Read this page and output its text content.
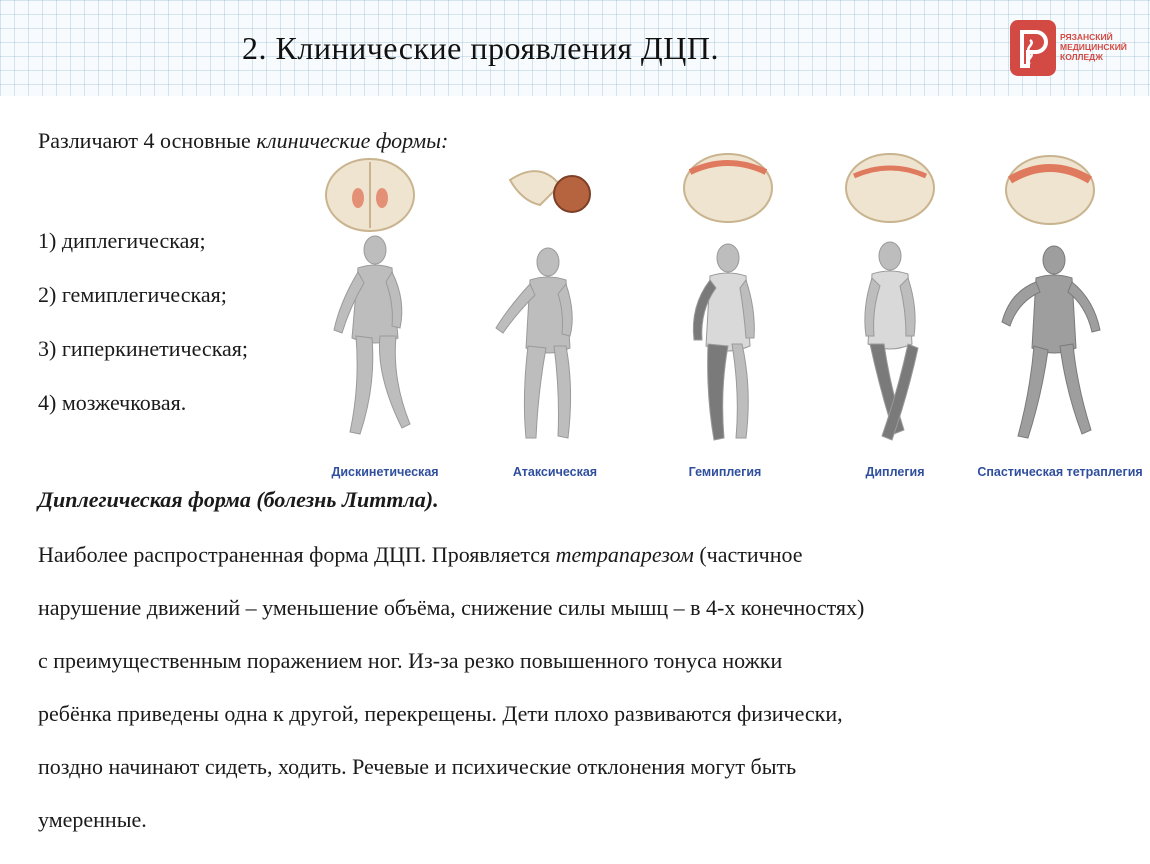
2. Клинические проявления ДЦП.	РЯЗАНСКИЙ
МЕДИЦИНСКИЙ
КОЛЛЕДЖ
Различают 4 основные клинические формы:
1) диплегическая;
2) гемиплегическая;
3) гиперкинетическая;
4) мозжечковая.
Дискинетическая	Атаксическая	Гемиплегия	Диплегия	Спастическая тетраплегия
Диплегическая форма (болезнь Литтла).
Наиболее распространенная форма ДЦП. Проявляется тетрапарезом (частичное
нарушение движений – уменьшение объёма, снижение силы мышц – в 4-х конечностях)
с преимущественным поражением ног. Из-за резко повышенного тонуса ножки
ребёнка приведены одна к другой, перекрещены. Дети плохо развиваются физически,
поздно начинают сидеть, ходить. Речевые и психические отклонения могут быть
умеренные.
